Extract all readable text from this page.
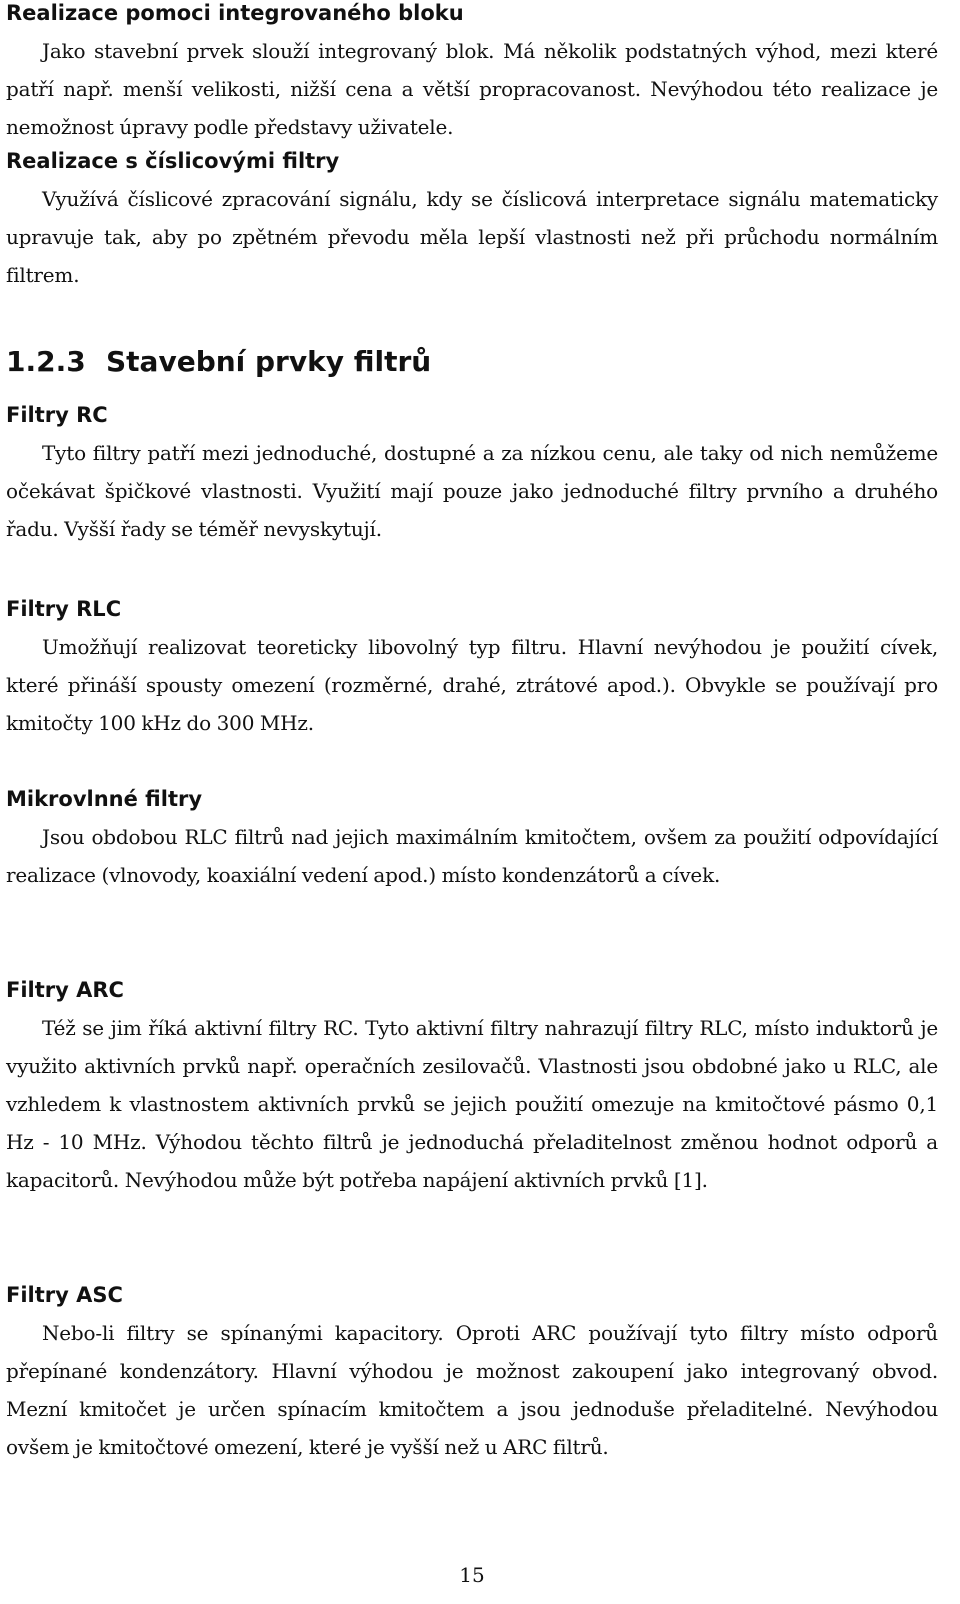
Realizace pomoci integrovaného bloku

Jako stavební prvek slouží integrovaný blok. Má několik podstatných výhod, mezi které patří např. menší velikosti, nižší cena a větší propracovanost. Nevýhodou této realizace je nemožnost úpravy podle představy uživatele.

Realizace s číslicovými filtry

Využívá číslicové zpracování signálu, kdy se číslicová interpretace signálu matematicky upravuje tak, aby po zpětném převodu měla lepší vlastnosti než při průchodu normálním filtrem.

1.2.3 Stavební prvky filtrů
Filtry RC

Tyto filtry patří mezi jednoduché, dostupné a za nízkou cenu, ale taky od nich nemůžeme očekávat špičkové vlastnosti. Využití mají pouze jako jednoduché filtry prvního a druhého řadu. Vyšší řady se téměř nevyskytují.

Filtry RLC

Umožňují realizovat teoreticky libovolný typ filtru. Hlavní nevýhodou je použití cívek, které přináší spousty omezení (rozměrné, drahé, ztrátové apod.). Obvykle se používají pro kmitočty 100 kHz do 300 MHz.

Mikrovlnné filtry

Jsou obdobou RLC filtrů nad jejich maximálním kmitočtem, ovšem za použití odpovídající realizace (vlnovody, koaxiální vedení apod.) místo kondenzátorů a cívek.

Filtry ARC

Též se jim říká aktivní filtry RC. Tyto aktivní filtry nahrazují filtry RLC, místo induktorů je využito aktivních prvků např. operačních zesilovačů. Vlastnosti jsou obdobné jako u RLC, ale vzhledem k vlastnostem aktivních prvků se jejich použití omezuje na kmitočtové pásmo 0,1 Hz - 10 MHz. Výhodou těchto filtrů je jednoduchá přeladitelnost změnou hodnot odporů a kapacitorů. Nevýhodou může být potřeba napájení aktivních prvků [1].

Filtry ASC

Nebo-li filtry se spínanými kapacitory. Oproti ARC používají tyto filtry místo odporů přepínané kondenzátory. Hlavní výhodou je možnost zakoupení jako integrovaný obvod. Mezní kmitočet je určen spínacím kmitočtem a jsou jednoduše přeladitelné. Nevýhodou ovšem je kmitočtové omezení, které je vyšší než u ARC filtrů.

15
